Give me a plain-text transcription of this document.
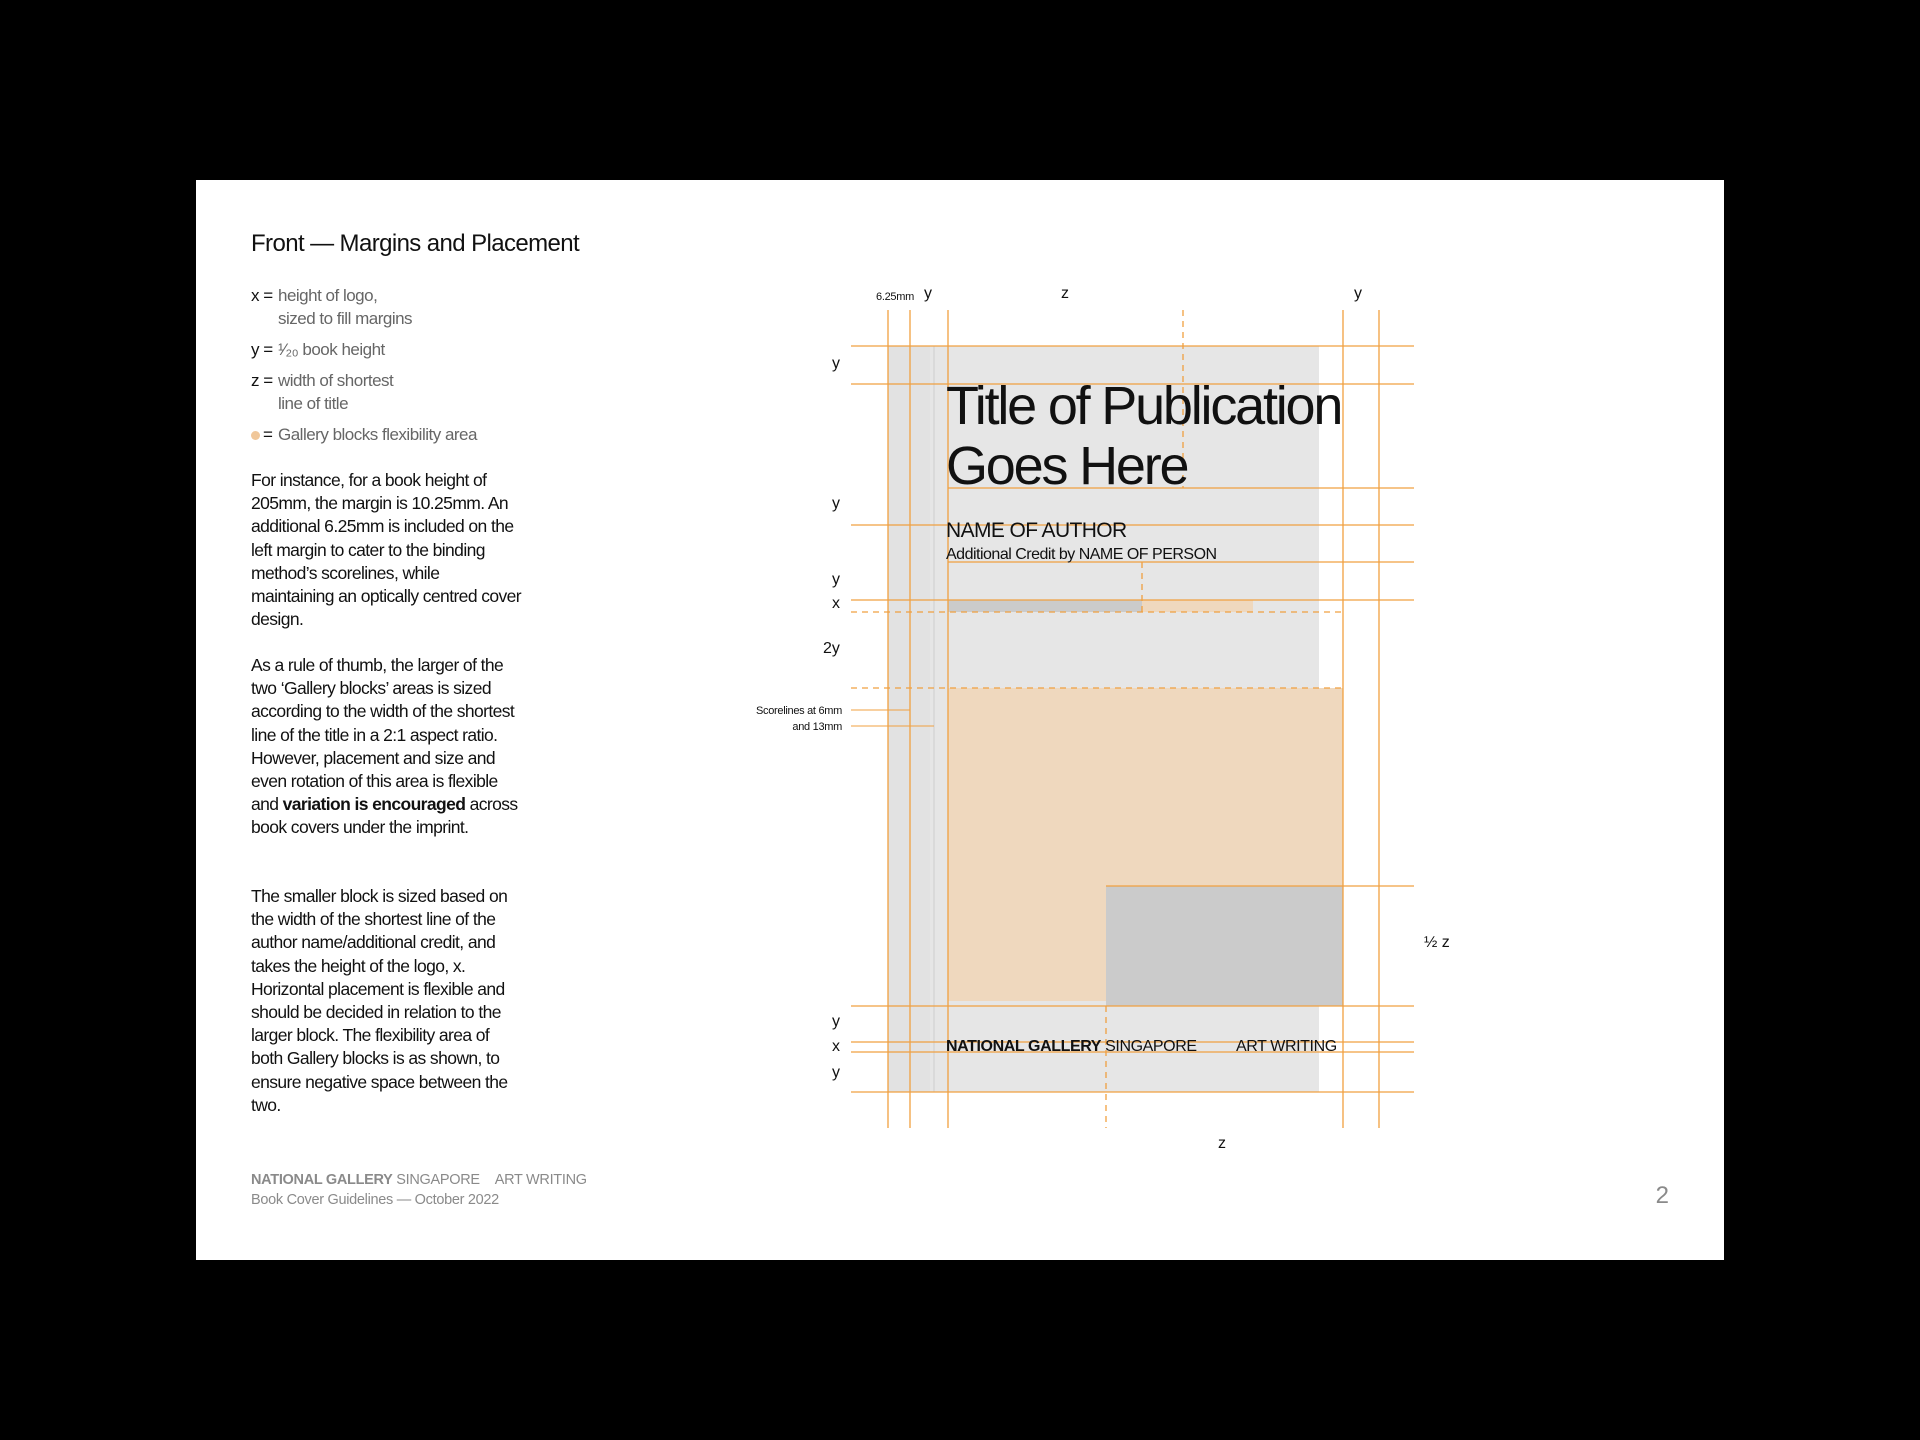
Front — Margins and Placement
x = height of logo,
sized to fill margins
y = ¹⁄₂₀ book height
z = width of shortest
line of title
= Gallery blocks flexibility area
For instance, for a book height of 205mm, the margin is 10.25mm. An additional 6.25mm is included on the left margin to cater to the binding method’s scorelines, while maintaining an optically centred cover design.
As a rule of thumb, the larger of the two ‘Gallery blocks’ areas is sized according to the width of the shortest line of the title in a 2:1 aspect ratio. However, placement and size and even rotation of this area is flexible and variation is encouraged across book covers under the imprint.
The smaller block is sized based on the width of the shortest line of the author name/additional credit, and takes the height of the logo, x. Horizontal placement is flexible and should be decided in relation to the larger block. The flexibility area of both Gallery blocks is as shown, to ensure negative space between the two.
Title of Publication
Goes Here
NAME OF AUTHOR
Additional Credit by NAME OF PERSON
NATIONAL GALLERY SINGAPORE ART WRITING
6.25mm y	z	y
y
y
y
x
2y
Scorelines at 6mm
and 13mm
y
x
y
½ z
z
NATIONAL GALLERY SINGAPORE ART WRITING
Book Cover Guidelines — October 2022	2
